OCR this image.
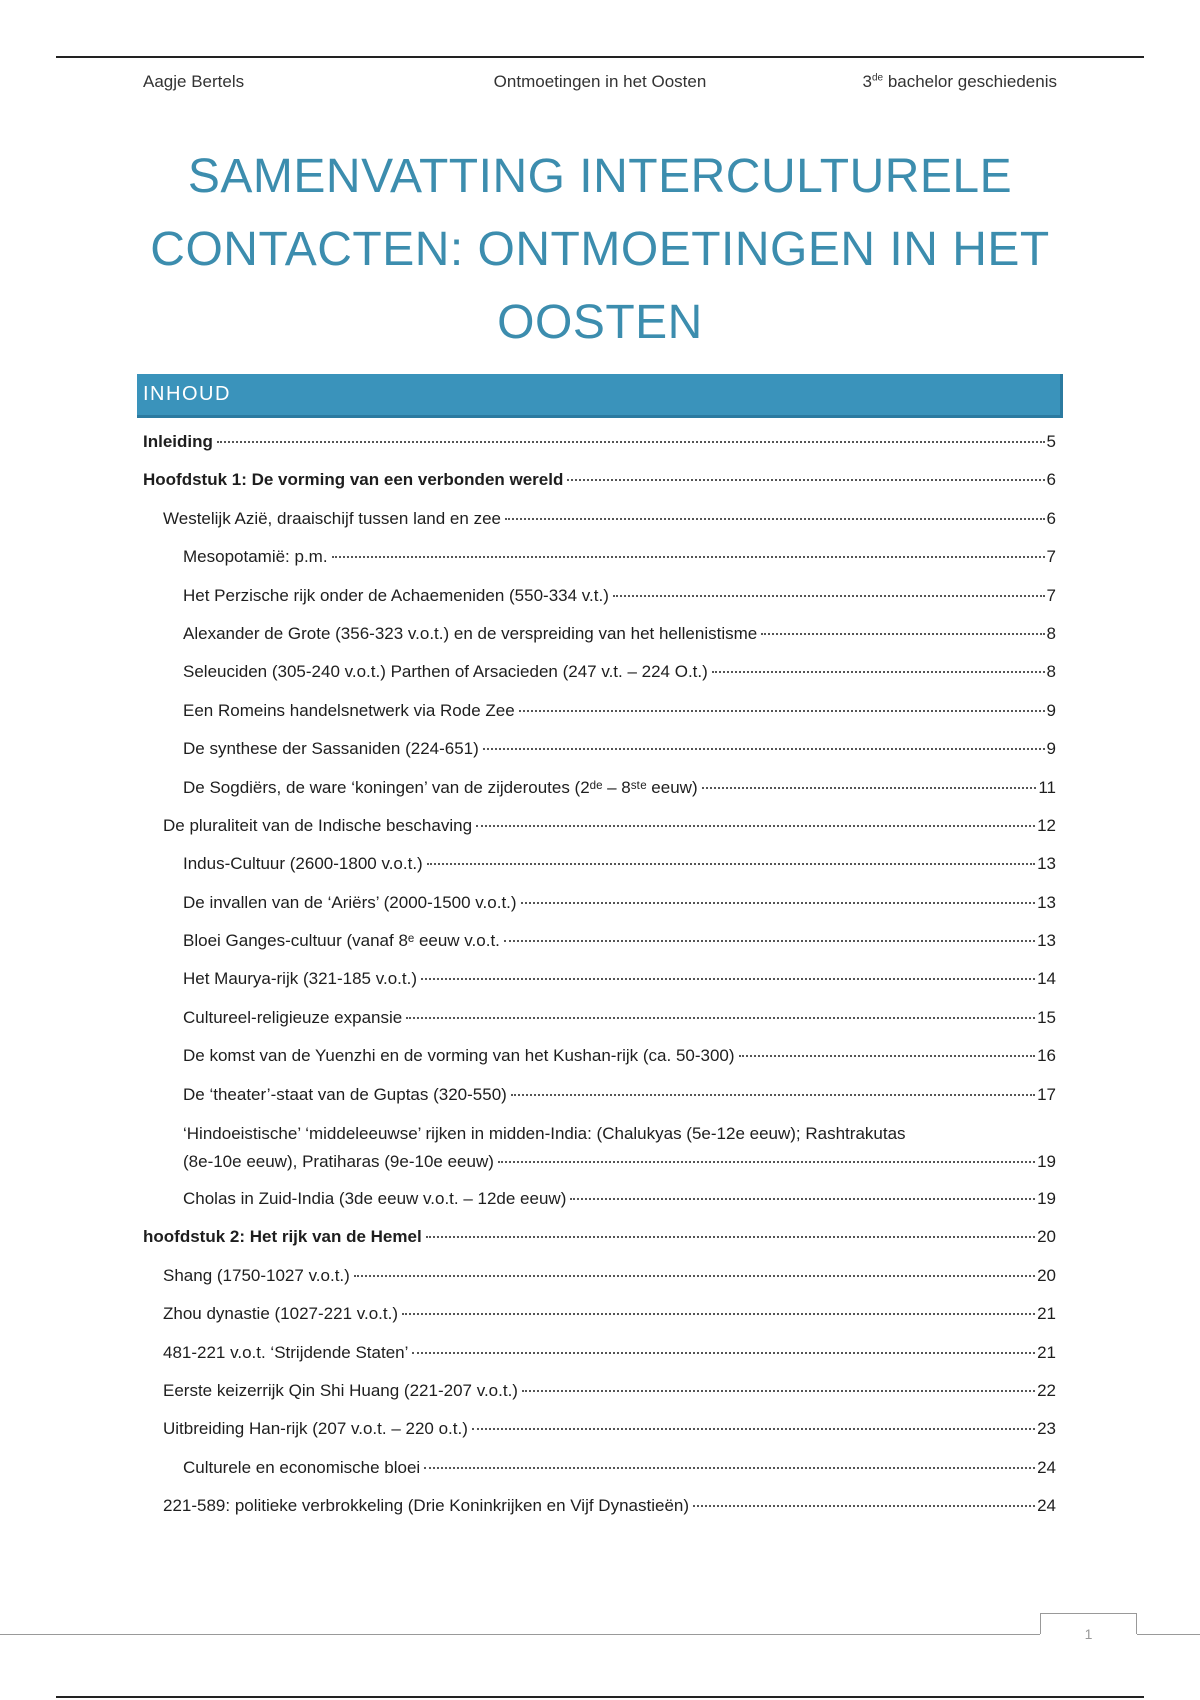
Aagje Bertels	Ontmoetingen in het Oosten	3de bachelor geschiedenis
SAMENVATTING INTERCULTURELE
CONTACTEN: ONTMOETINGEN IN HET
OOSTEN
INHOUD
Inleiding	5
Hoofdstuk 1: De vorming van een verbonden wereld	6
Westelijk Azië, draaischijf tussen land en zee	6
Mesopotamië: p.m.	7
Het Perzische rijk onder de Achaemeniden (550-334 v.t.)	7
Alexander de Grote (356-323 v.o.t.) en de verspreiding van het hellenistisme	8
Seleuciden (305-240 v.o.t.) Parthen of Arsacieden (247 v.t. – 224 O.t.)	8
Een Romeins handelsnetwerk via Rode Zee	9
De synthese der Sassaniden (224-651)	9
De Sogdiërs, de ware ‘koningen’ van de zijderoutes (2ᵈᵉ – 8ˢᵗᵉ eeuw)	11
De pluraliteit van de Indische beschaving	12
Indus-Cultuur (2600-1800 v.o.t.)	13
De invallen van de ‘Ariërs’ (2000-1500 v.o.t.)	13
Bloei Ganges-cultuur (vanaf 8ᵉ eeuw v.o.t.	13
Het Maurya-rijk (321-185 v.o.t.)	14
Cultureel-religieuze expansie	15
De komst van de Yuenzhi en de vorming van het Kushan-rijk (ca. 50-300)	16
De ‘theater’-staat van de Guptas (320-550)	17
‘Hindoeistische’ ‘middeleeuwse’ rijken in midden-India: (Chalukyas (5e-12e eeuw); Rashtrakutas
(8e-10e eeuw), Pratiharas (9e-10e eeuw)	19
Cholas in Zuid-India (3de eeuw v.o.t. – 12de eeuw)	19
hoofdstuk 2: Het rijk van de Hemel	20
Shang (1750-1027 v.o.t.)	20
Zhou dynastie (1027-221 v.o.t.)	21
481-221 v.o.t. ‘Strijdende Staten’	21
Eerste keizerrijk Qin Shi Huang (221-207 v.o.t.)	22
Uitbreiding Han-rijk (207 v.o.t. – 220 o.t.)	23
Culturele en economische bloei	24
221-589: politieke verbrokkeling (Drie Koninkrijken en Vijf Dynastieën)	24
1
